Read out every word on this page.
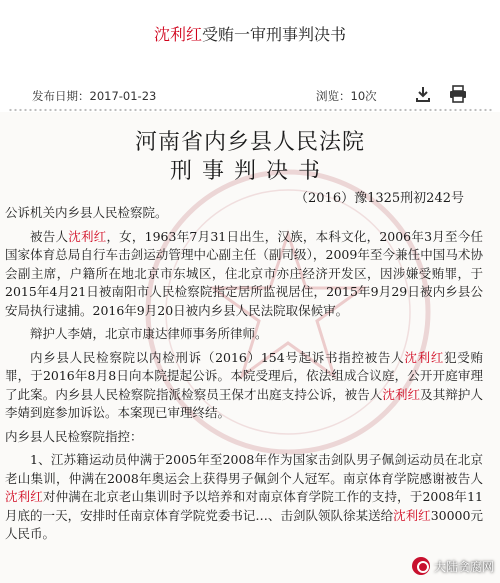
沈利红受贿一审刑事判决书
发布日期：2017-01-23	浏览：10次
河南省内乡县人民法院
刑事判决书
（2016）豫1325刑初242号

公诉机关内乡县人民检察院。

被告人沈利红，女，1963年7月31日出生，汉族，本科文化，2006年3月至今任国家体育总局自行车击剑运动管理中心副主任（副司级），2009年至今兼任中国马术协会副主席，户籍所在地北京市东城区，住北京市亦庄经济开发区，因涉嫌受贿罪，于2015年4月21日被南阳市人民检察院指定居所监视居住，2015年9月29日被内乡县公安局执行逮捕。2016年9月20日被内乡县人民法院取保候审。

辩护人李婧，北京市康达律师事务所律师。

内乡县人民检察院以内检刑诉（2016）154号起诉书指控被告人沈利红犯受贿罪，于2016年8月8日向本院提起公诉。本院受理后，依法组成合议庭，公开开庭审理了此案。内乡县人民检察院指派检察员王保才出庭支持公诉，被告人沈利红及其辩护人李婧到庭参加诉讼。本案现已审理终结。

内乡县人民检察院指控：

1、江苏籍运动员仲满于2005年至2008年作为国家击剑队男子佩剑运动员在北京老山集训，仲满在2008年奥运会上获得男子佩剑个人冠军。南京体育学院感谢被告人沈利红对仲满在北京老山集训时予以培养和对南京体育学院工作的支持，于2008年11月底的一天，安排时任南京体育学院党委书记…、击剑队领队徐某送给沈利红30000元人民币。

大陆贪腐网
